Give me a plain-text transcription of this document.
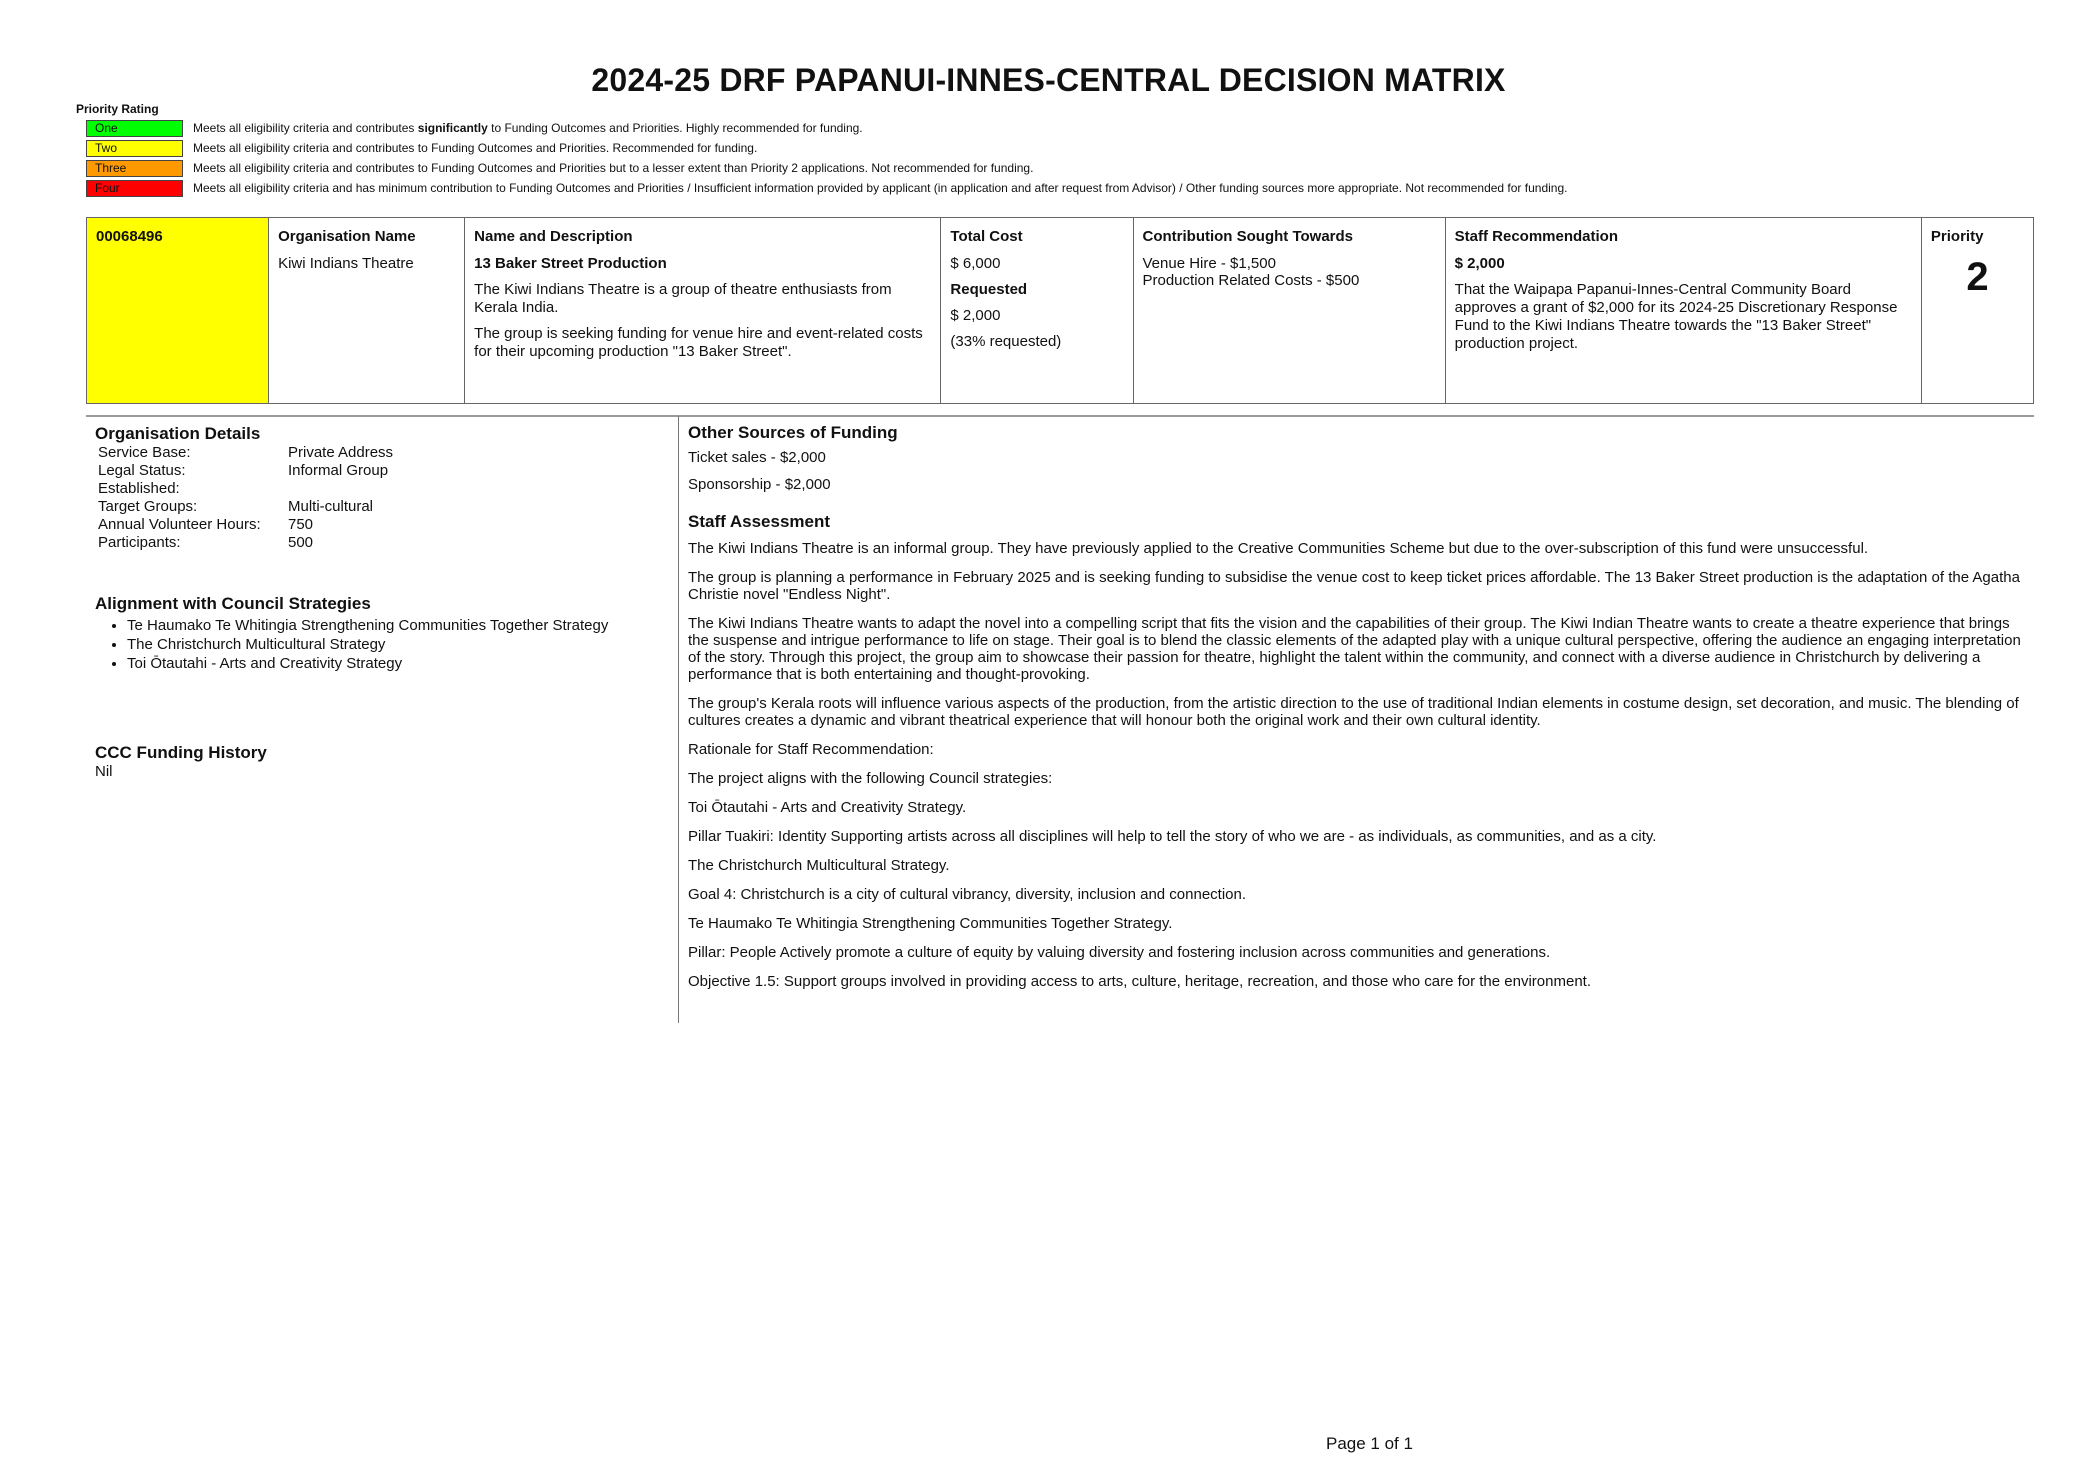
2024-25 DRF PAPANUI-INNES-CENTRAL DECISION MATRIX
Priority Rating
One	Meets all eligibility criteria and contributes significantly to Funding Outcomes and Priorities. Highly recommended for funding.
Two	Meets all eligibility criteria and contributes to Funding Outcomes and Priorities. Recommended for funding.
Three	Meets all eligibility criteria and contributes to Funding Outcomes and Priorities but to a lesser extent than Priority 2 applications. Not recommended for funding.
Four	Meets all eligibility criteria and has minimum contribution to Funding Outcomes and Priorities / Insufficient information provided by applicant (in application and after request from Advisor) / Other funding sources more appropriate. Not recommended for funding.
00068496	Organisation Name
Kiwi Indians Theatre

Name and Description
13 Baker Street Production
The Kiwi Indians Theatre is a group of theatre enthusiasts from Kerala India.
The group is seeking funding for venue hire and event-related costs for their upcoming production "13 Baker Street".

Total Cost
$ 6,000
Requested
$ 2,000
(33% requested)

Contribution Sought Towards
Venue Hire - $1,500
Production Related Costs - $500

Staff Recommendation
$ 2,000
That the Waipapa Papanui-Innes-Central Community Board approves a grant of $2,000 for its 2024-25 Discretionary Response Fund to the Kiwi Indians Theatre towards the "13 Baker Street" production project.

Priority
2
Organisation Details
Service Base:	Private Address
Legal Status:	Informal Group
Established:	
Target Groups:	Multi-cultural
Annual Volunteer Hours:	750
Participants:	500
Alignment with Council Strategies
• Te Haumako Te Whitingia Strengthening Communities Together Strategy
• The Christchurch Multicultural Strategy
• Toi Ōtautahi - Arts and Creativity Strategy
CCC Funding History
Nil
Other Sources of Funding
Ticket sales - $2,000
Sponsorship - $2,000
Staff Assessment
The Kiwi Indians Theatre is an informal group. They have previously applied to the Creative Communities Scheme but due to the over-subscription of this fund were unsuccessful.
The group is planning a performance in February 2025 and is seeking funding to subsidise the venue cost to keep ticket prices affordable. The 13 Baker Street production is the adaptation of the Agatha Christie novel "Endless Night".
The Kiwi Indians Theatre wants to adapt the novel into a compelling script that fits the vision and the capabilities of their group. The Kiwi Indian Theatre wants to create a theatre experience that brings the suspense and intrigue performance to life on stage. Their goal is to blend the classic elements of the adapted play with a unique cultural perspective, offering the audience an engaging interpretation of the story. Through this project, the group aim to showcase their passion for theatre, highlight the talent within the community, and connect with a diverse audience in Christchurch by delivering a performance that is both entertaining and thought-provoking.
The group's Kerala roots will influence various aspects of the production, from the artistic direction to the use of traditional Indian elements in costume design, set decoration, and music. The blending of cultures creates a dynamic and vibrant theatrical experience that will honour both the original work and their own cultural identity.
Rationale for Staff Recommendation:
The project aligns with the following Council strategies:
Toi Ōtautahi - Arts and Creativity Strategy.
Pillar Tuakiri: Identity Supporting artists across all disciplines will help to tell the story of who we are - as individuals, as communities, and as a city.
The Christchurch Multicultural Strategy.
Goal 4: Christchurch is a city of cultural vibrancy, diversity, inclusion and connection.
Te Haumako Te Whitingia Strengthening Communities Together Strategy.
Pillar: People Actively promote a culture of equity by valuing diversity and fostering inclusion across communities and generations.
Objective 1.5: Support groups involved in providing access to arts, culture, heritage, recreation, and those who care for the environment.
Page 1 of 1
